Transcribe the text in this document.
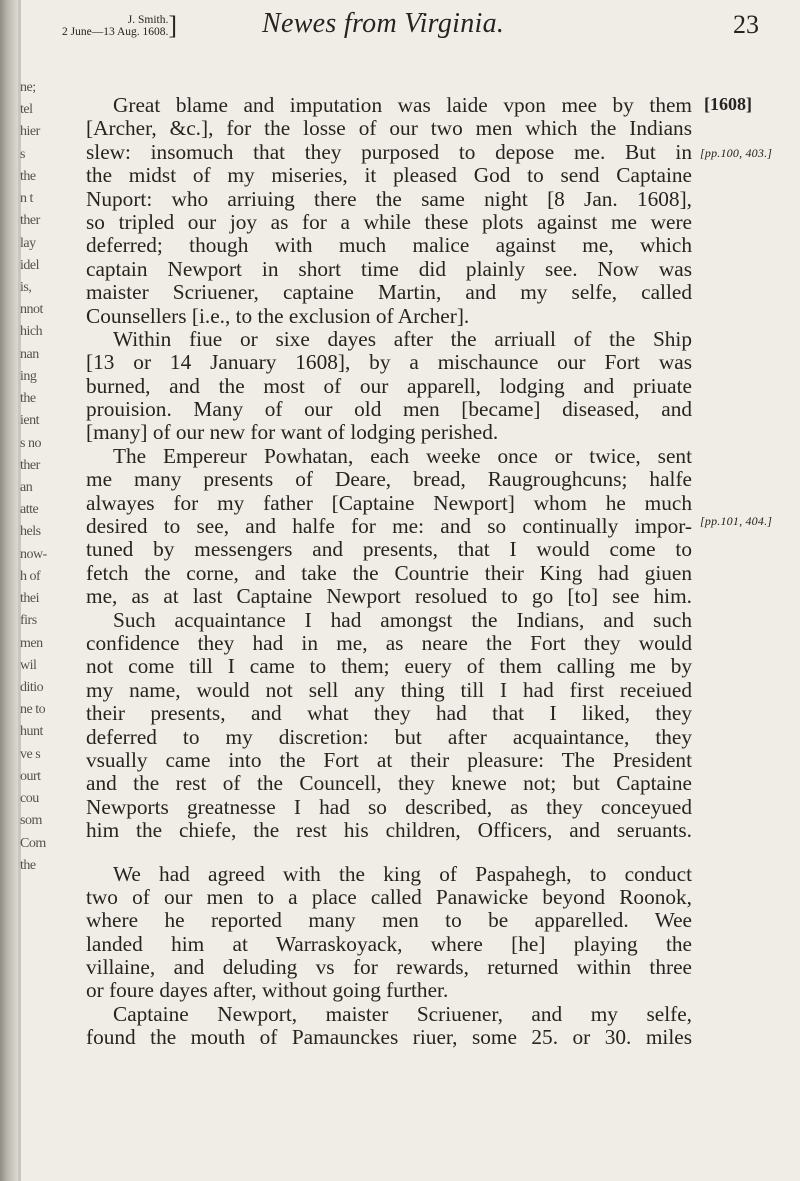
ne;
tel
hier
s
the
n t
ther
lay
idel
is,
nnot
hich
nan
ing
the
ient
s no
ther
an
atte
hels
now-
h of
thei
firs
men
wil
ditio
ne to
hunt
ve s
ourt
cou
som
Com
the
J. Smith.
2 June—13 Aug. 1608. ]	Newes from Virginia.	23
[1608]
[pp.100, 403.]
[pp.101, 404.]
Great blame and imputation was laide vpon mee by them
[Archer, &c.], for the losse of our two men which the Indians
slew: insomuch that they purposed to depose me. But in
the midst of my miseries, it pleased God to send Captaine
Nuport: who arriuing there the same night [8 Jan. 1608],
so tripled our joy as for a while these plots against me were
deferred; though with much malice against me, which
captain Newport in short time did plainly see. Now was
maister Scriuener, captaine Martin, and my selfe, called
Counsellers [i.e., to the exclusion of Archer].
Within fiue or sixe dayes after the arriuall of the Ship
[13 or 14 January 1608], by a mischaunce our Fort was
burned, and the most of our apparell, lodging and priuate
prouision. Many of our old men [became] diseased, and
[many] of our new for want of lodging perished.
The Empereur Powhatan, each weeke once or twice, sent
me many presents of Deare, bread, Raugroughcuns; halfe
alwayes for my father [Captaine Newport] whom he much
desired to see, and halfe for me: and so continually impor-
tuned by messengers and presents, that I would come to
fetch the corne, and take the Countrie their King had giuen
me, as at last Captaine Newport resolued to go [to] see him.
Such acquaintance I had amongst the Indians, and such
confidence they had in me, as neare the Fort they would
not come till I came to them; euery of them calling me by
my name, would not sell any thing till I had first receiued
their presents, and what they had that I liked, they
deferred to my discretion: but after acquaintance, they
vsually came into the Fort at their pleasure: The President
and the rest of the Councell, they knewe not; but Captaine
Newports greatnesse I had so described, as they conceyued
him the chiefe, the rest his children, Officers, and seruants.
We had agreed with the king of Paspahegh, to conduct
two of our men to a place called Panawicke beyond Roonok,
where he reported many men to be apparelled. Wee
landed him at Warraskoyack, where [he] playing the
villaine, and deluding vs for rewards, returned within three
or foure dayes after, without going further.
Captaine Newport, maister Scriuener, and my selfe,
found the mouth of Pamaunckes riuer, some 25. or 30. miles
